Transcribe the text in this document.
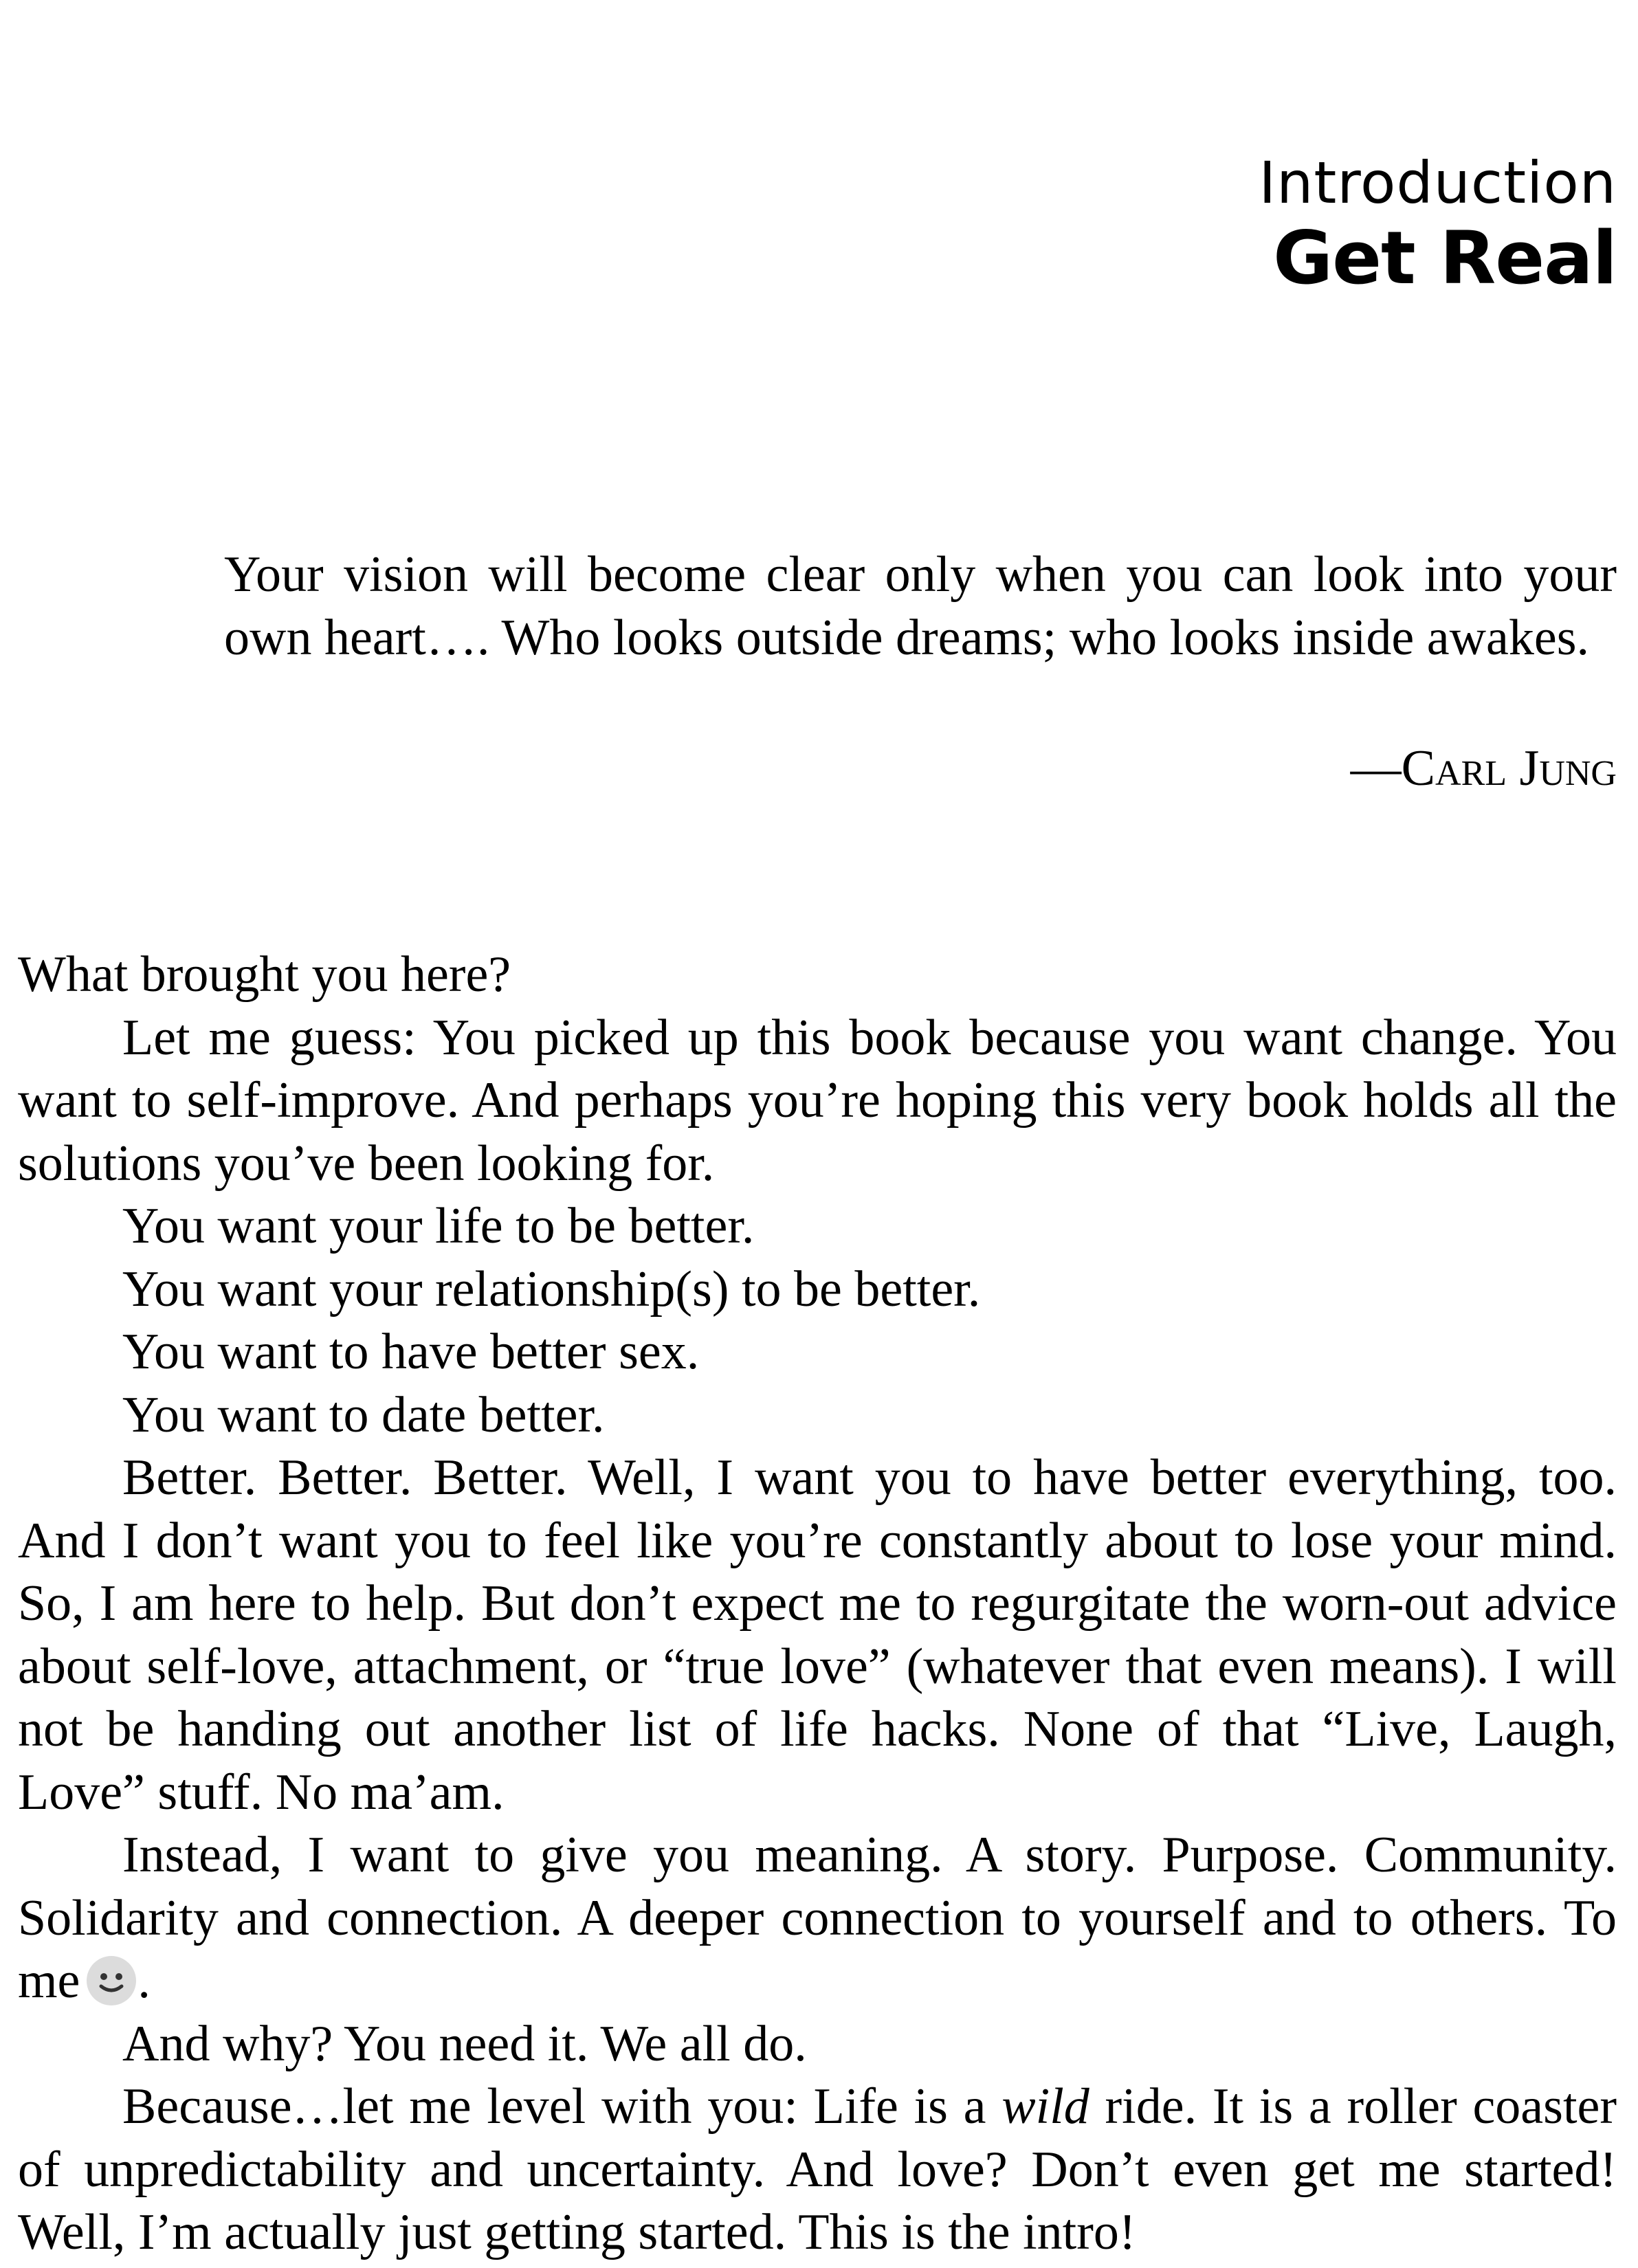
Introduction
Get Real
Your vision will become clear only when you can look into your own heart…. Who looks outside dreams; who looks inside awakes.
—Carl Jung

What brought you here?

Let me guess: You picked up this book because you want change. You want to self-improve. And perhaps you’re hoping this very book holds all the solutions you’ve been looking for.

You want your life to be better.

You want your relationship(s) to be better.

You want to have better sex.

You want to date better.

Better. Better. Better. Well, I want you to have better everything, too. And I don’t want you to feel like you’re constantly about to lose your mind. So, I am here to help. But don’t expect me to regurgitate the worn-out advice about self-love, attachment, or “true love” (whatever that even means). I will not be handing out another list of life hacks. None of that “Live, Laugh, Love” stuff. No ma’am.

Instead, I want to give you meaning. A story. Purpose. Community. Solidarity and connection. A deeper connection to yourself and to others. To me .

And why? You need it. We all do.

Because…let me level with you: Life is a wild ride. It is a roller coaster of unpredictability and uncertainty. And love? Don’t even get me started! Well, I’m actually just getting started. This is the intro!
